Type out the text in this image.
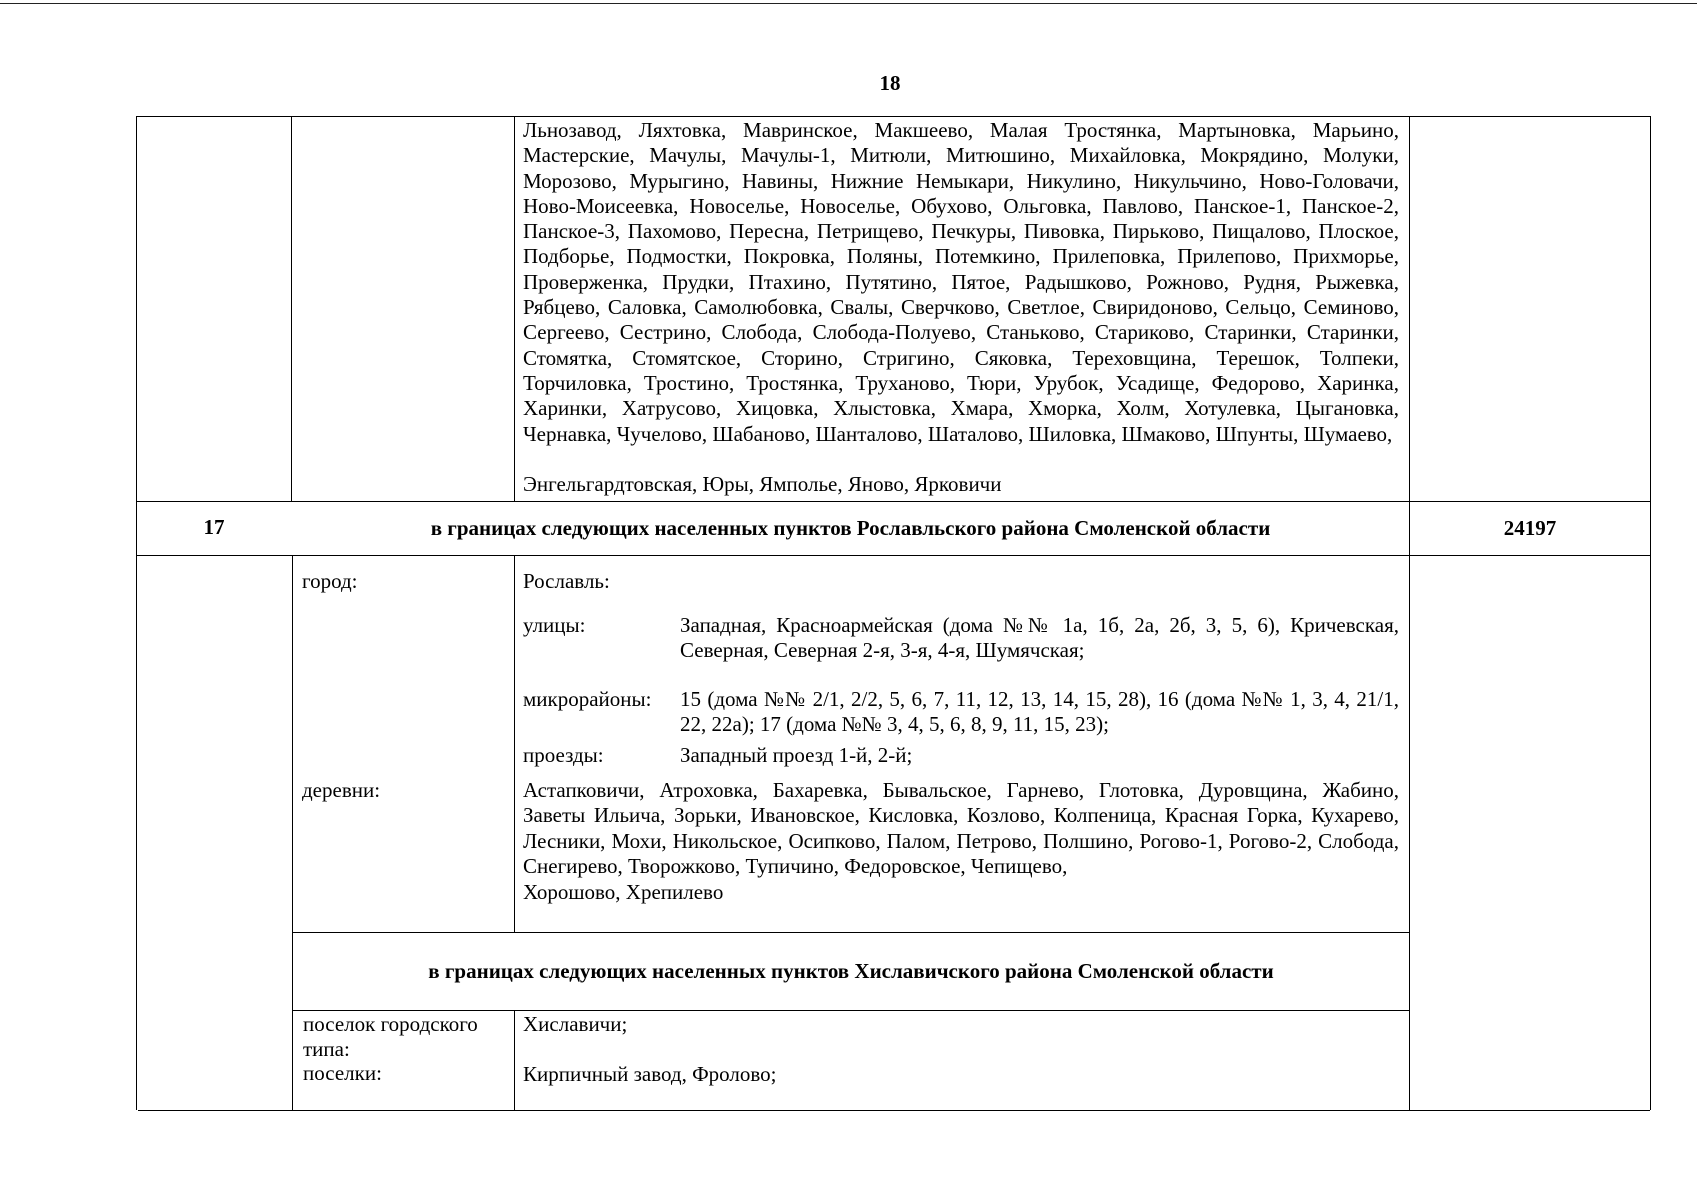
18
Льнозавод, Ляхтовка, Мавринское, Макшеево, Малая Тростянка, Мартыновка, Марьино, Мастерские, Мачулы, Мачулы-1, Митюли, Митюшино, Михайловка, Мокрядино, Молуки, Морозово, Мурыгино, Навины, Нижние Немыкари, Никулино, Никульчино, Ново-Головачи, Ново-Моисеевка, Новоселье, Новоселье, Обухово, Ольговка, Павлово, Панское-1, Панское-2, Панское-3, Пахомово, Пересна, Петрищево, Печкуры, Пивовка, Пирьково, Пищалово, Плоское, Подборье, Подмостки, Покровка, Поляны, Потемкино, Прилеповка, Прилепово, Прихморье, Проверженка, Прудки, Птахино, Путятино, Пятое, Радышково, Рожново, Рудня, Рыжевка, Рябцево, Саловка, Самолюбовка, Свалы, Сверчково, Светлое, Свиридоново, Сельцо, Семиново, Сергеево, Сестрино, Слобода, Слобода-Полуево, Станьково, Стариково, Старинки, Старинки, Стомятка, Стомятское, Сторино, Стригино, Сяковка, Тереховщина, Терешок, Толпеки, Торчиловка, Тростино, Тростянка, Труханово, Тюри, Урубок, Усадище, Федорово, Харинка, Харинки, Хатрусово, Хицовка, Хлыстовка, Хмара, Хморка, Холм, Хотулевка, Цыгановка, Чернавка, Чучелово, Шабаново, Шанталово, Шаталово, Шиловка, Шмаково, Шпунты, Шумаево,
Энгельгардтовская, Юры, Ямполье, Яново, Ярковичи
17	в границах следующих населенных пунктов Рославльского района Смоленской области	24197
город:	Рославль:
улицы:	Западная, Красноармейская (дома №№ 1а, 1б, 2а, 2б, 3, 5, 6), Кричевская, Северная, Северная 2-я, 3-я, 4-я, Шумячская;
микрорайоны: 15 (дома №№ 2/1, 2/2, 5, 6, 7, 11, 12, 13, 14, 15, 28), 16 (дома №№ 1, 3, 4, 21/1, 22, 22а); 17 (дома №№ 3, 4, 5, 6, 8, 9, 11, 15, 23);
проезды:	Западный проезд 1-й, 2-й;
деревни:	Астапковичи, Атроховка, Бахаревка, Бывальское, Гарнево, Глотовка, Дуровщина, Жабино, Заветы Ильича, Зорьки, Ивановское, Кисловка, Козлово, Колпеница, Красная Горка, Кухарево, Лесники, Мохи, Никольское, Осипково, Палом, Петрово, Полшино, Рогово-1, Рогово-2, Слобода, Снегирево, Творожково, Тупичино, Федоровское, Чепищево,
Хорошово, Хрепилево
в границах следующих населенных пунктов Хиславичского района Смоленской области
поселок городского типа:
Хиславичи;
поселки:	Кирпичный завод, Фролово;
